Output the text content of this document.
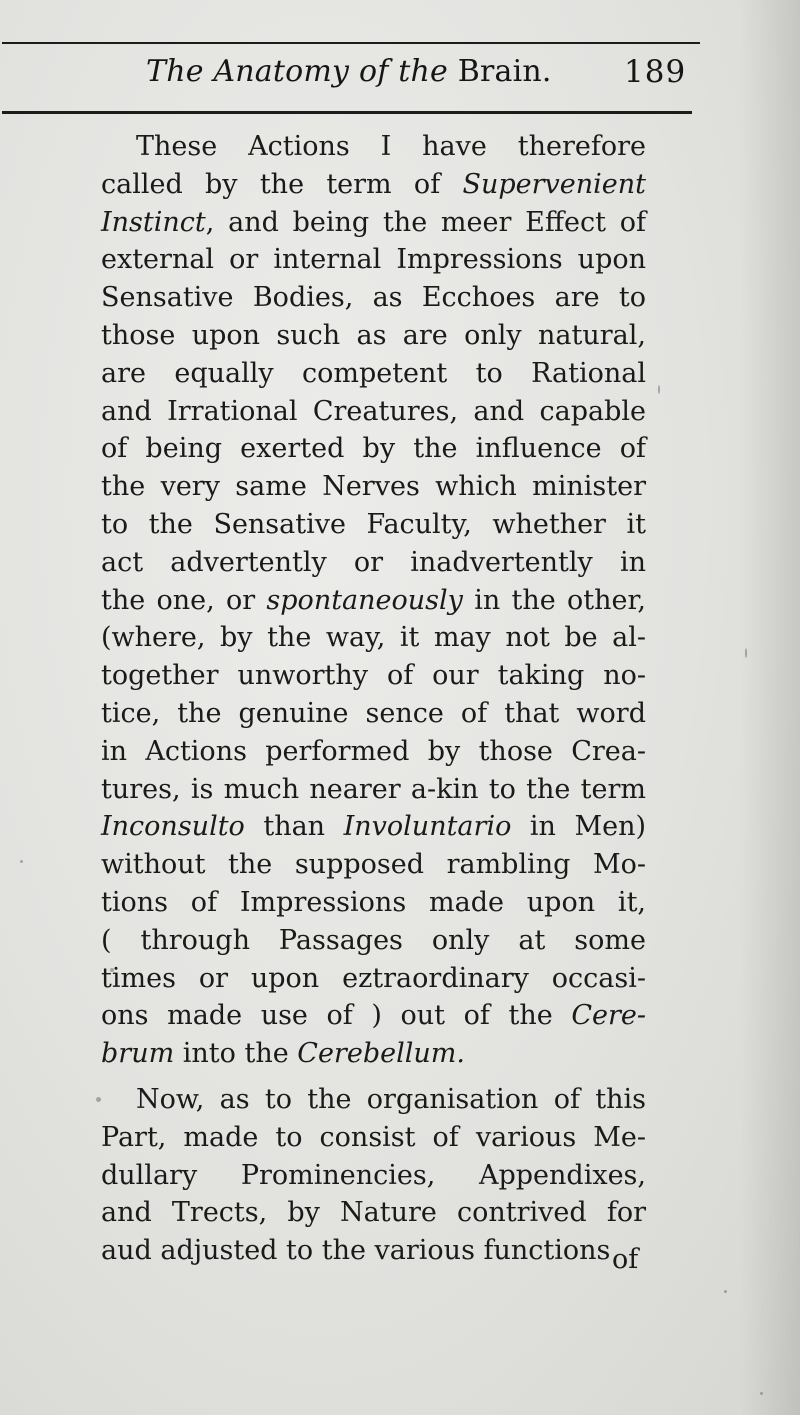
The Anatomy of the Brain. 189
These Actions I have therefore
called by the term of Supervenient
Instinct, and being the meer Effect of
external or internal Impressions upon
Sensative Bodies, as Ecchoes are to
those upon such as are only natural,
are equally competent to Rational
and Irrational Creatures, and capable
of being exerted by the influence of
the very same Nerves which minister
to the Sensative Faculty, whether it
act advertently or inadvertently in
the one, or spontaneously in the other,
(where, by the way, it may not be al-
together unworthy of our taking no-
tice, the genuine sence of that word
in Actions performed by those Crea-
tures, is much nearer a-kin to the term
Inconsulto than Involuntario in Men)
without the supposed rambling Mo-
tions of Impressions made upon it,
( through Passages only at some
times or upon eztraordinary occasi-
ons made use of ) out of the Cere-
brum into the Cerebellum.
Now, as to the organisation of this
Part, made to consist of various Me-
dullary Prominencies, Appendixes,
and Trects, by Nature contrived for
aud adjusted to the various functions of
